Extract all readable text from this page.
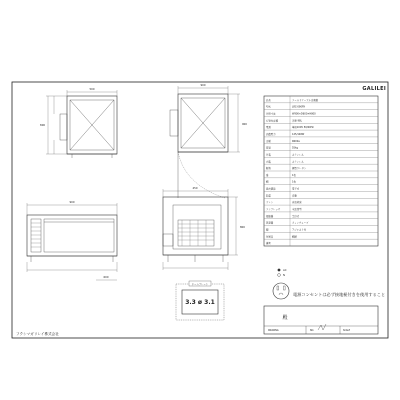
GALILEI
500
800
900
900
900
600
450
800
ネームプレート
3.3 ø 3.1
品名	コールドテーブル冷凍庫
型式	LRC-090PX
外形寸法	W900×D600×H800
有効内容積	冷凍 98L
電源	単相100V 50/60Hz
消費電力	125/148W
冷媒	R600a
質量	55kg
外装	ステンレス
内装	ステンレス
断熱	硬質ウレタン
扉	1枚
棚	1枚
温度調節	電子式
除霜	自動
ドレン	自然蒸発
コンプレッサ	全密閉型
凝縮器	空冷式
蒸発器	フィンチューブ
脚	アジャスト付
付属品	棚網
備考
AC
N
電源コンセントは必ず接地極付きを使用すること
殿
DRAWING	NO.	SCALE
フクシマガリレイ株式会社
